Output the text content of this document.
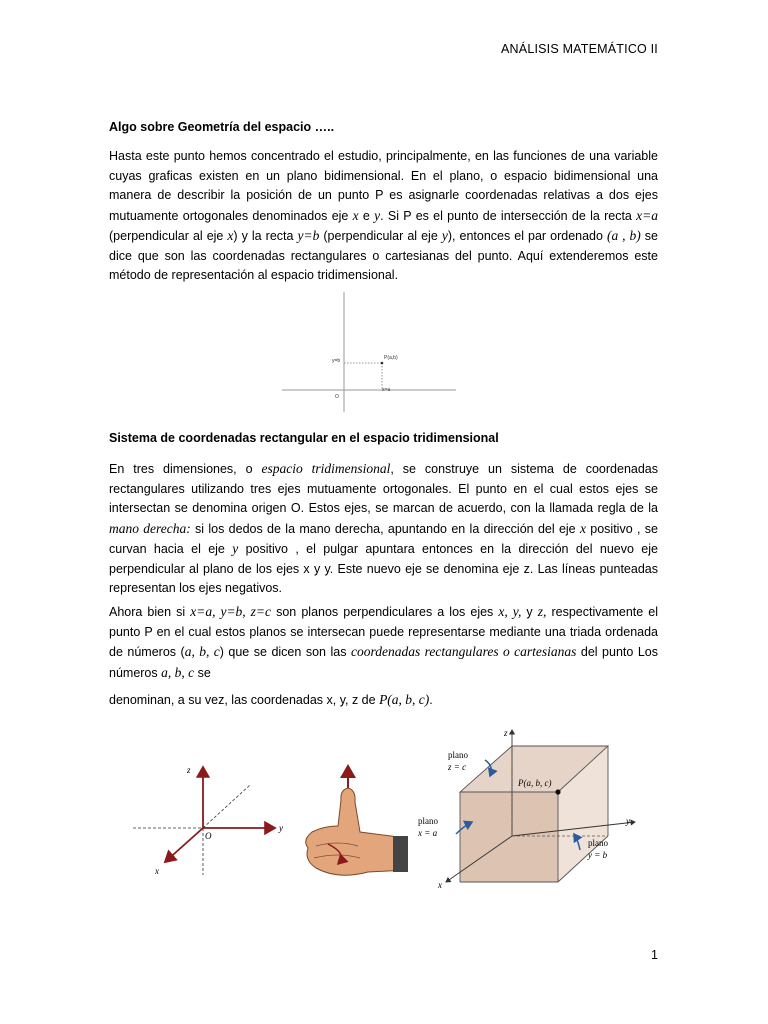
ANÁLISIS MATEMÁTICO II
Algo sobre Geometría del espacio …..

Hasta este punto hemos concentrado el estudio, principalmente, en las funciones de una variable cuyas graficas existen en un plano bidimensional. En el plano, o espacio bidimensional una manera de describir la posición de un punto P es asignarle coordenadas relativas a dos ejes mutuamente ortogonales denominados eje x e y. Si P es el punto de intersección de la recta x=a (perpendicular al eje x) y la recta y=b (perpendicular al eje y), entonces el par ordenado (a , b) se dice que son las coordenadas rectangulares o cartesianas del punto. Aquí extenderemos este método de representación al espacio tridimensional.

y=b	P(a,b)
x=a
O
Sistema de coordenadas rectangular en el espacio tridimensional

En tres dimensiones, o espacio tridimensional, se construye un sistema de coordenadas rectangulares utilizando tres ejes mutuamente ortogonales. El punto en el cual estos ejes se intersectan se denomina origen O. Estos ejes, se marcan de acuerdo, con la llamada regla de la mano derecha: si los dedos de la mano derecha, apuntando en la dirección del eje x positivo , se curvan hacia el eje y positivo , el pulgar apuntara entonces en la dirección del nuevo eje perpendicular al plano de los ejes x y y. Este nuevo eje se denomina eje z. Las líneas punteadas representan los ejes negativos.

Ahora bien si x=a, y=b, z=c son planos perpendiculares a los ejes x, y, y z, respectivamente el punto P en el cual estos planos se intersecan puede representarse mediante una triada ordenada de números (a, b, c) que se dicen son las coordenadas rectangulares o cartesianas del punto Los números a, b, c se

denominan, a su vez, las coordenadas x, y, z de P(a, b, c).

z
y
x
O
z
y
x
plano
z = c
plano
x = a
plano
y = b
P(a, b, c)
1
